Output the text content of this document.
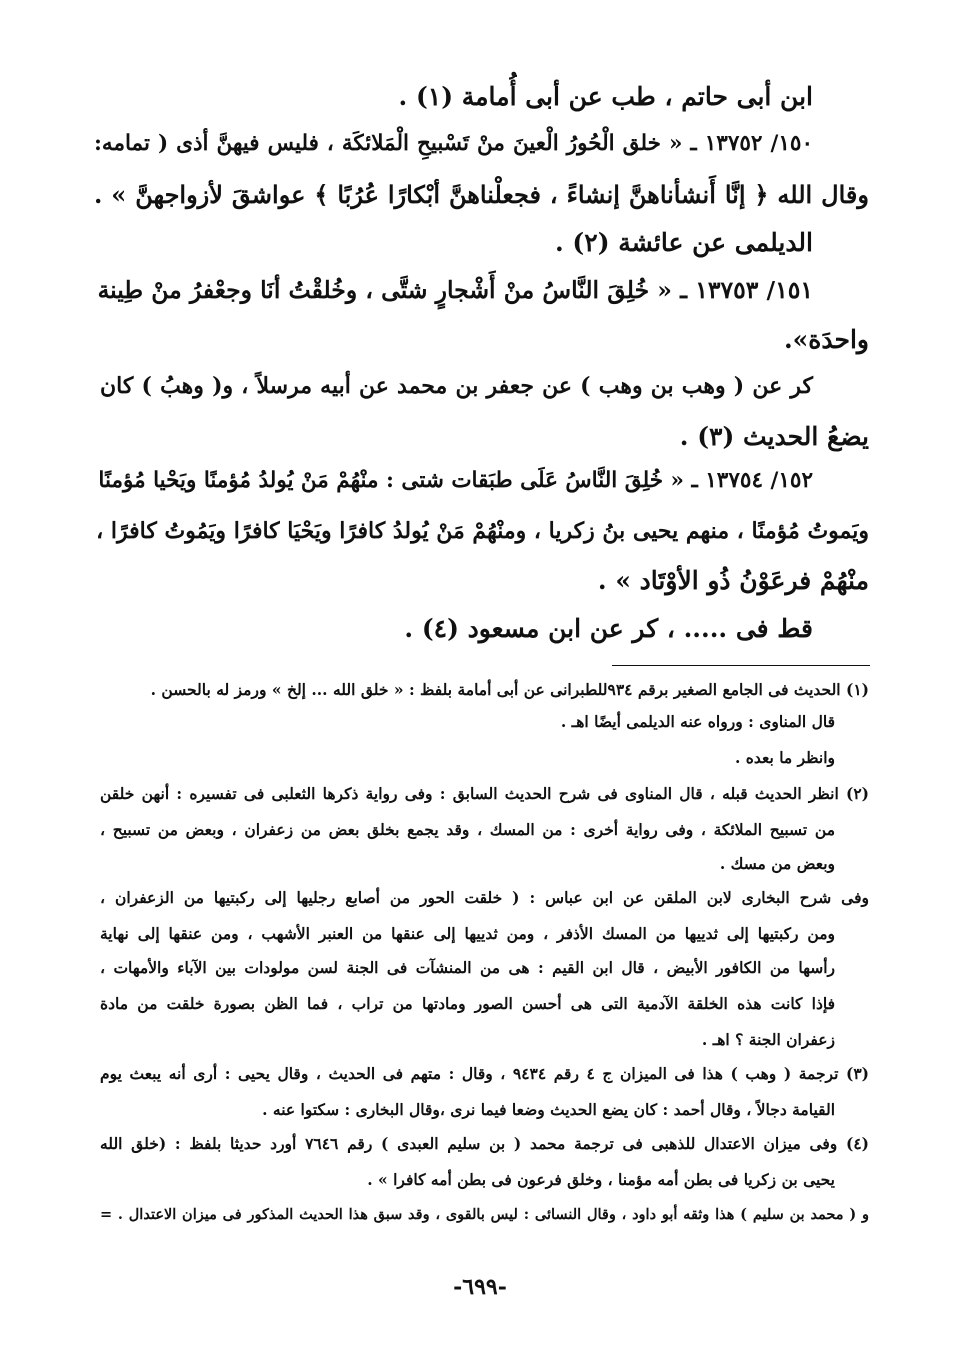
ابن أبى حاتم ، طب عن أبى أُمامة (١) .
١٥٠/ ١٣٧٥٢ ـ « خلق الْحُورُ الْعينَ منْ تَسْبيحِ الْمَلائكَة ، فليس فيهنَّ أذى ( تمامه:
وقال الله ﴿ إنَّا أَنشأناهنَّ إنشاءً ، فجعلْناهنَّ أبْكارًا عُرُبًا ﴾ عواشقَ لأزواجهنَّ » .
الديلمى عن عائشة (٢) .
١٥١/ ١٣٧٥٣ ـ « خُلِقَ النَّاسُ منْ أَشْجارٍ شتَّى ، وخُلقْتُ أنَا وجعْفرُ منْ طِينة
واحدَة».
كر عن ( وهب بن وهب ) عن جعفر بن محمد عن أبيه مرسلاً ، و( وهبُ ) كان
يضعُ الحديث (٣) .
١٥٢/ ١٣٧٥٤ ـ « خُلِقَ النَّاسُ عَلَى طبَقات شتى : منْهُمْ مَنْ يُولدُ مُؤمنًا ويَحْيا مُؤمنًا
ويَموتُ مُؤمنًا ، منهم يحيى بنُ زكريا ، ومنْهُمْ مَنْ يُولدُ كافرًا ويَحْيَا كافرًا ويَمُوتُ كافرًا ،
منْهُمْ فرعَوْنُ ذُو الأوْتَاد » .
قط فى ..... ، كر عن ابن مسعود (٤) .
(١) الحديث فى الجامع الصغير برقم ٩٣٤للطبرانى عن أبى أمامة بلفظ : « خلق الله ... إلخ » ورمز له بالحسن .
قال المناوى : ورواه عنه الديلمى أيضًا اهـ .
وانظر ما بعده .
(٢) انظر الحديث قبله ، قال المناوى فى شرح الحديث السابق : وفى رواية ذكرها الثعلبى فى تفسيره : أنهن خلقن
من تسبيح الملائكة ، وفى رواية أخرى : من المسك ، وقد يجمع بخلق بعض من زعفران ، وبعض من تسبيح ،
وبعض من مسك .
وفى شرح البخارى لابن الملقن عن ابن عباس : ( خلقت الحور من أصابع رجليها إلى ركبتيها من الزعفران ،
ومن ركبتيها إلى ثدييها من المسك الأذفر ، ومن ثدييها إلى عنقها من العنبر الأشهب ، ومن عنقها إلى نهاية
رأسها من الكافور الأبيض ، قال ابن القيم : هى من المنشآت فى الجنة لسن مولودات بين الآباء والأمهات ،
فإذا كانت هذه الخلقة الآدمية التى هى أحسن الصور ومادتها من تراب ، فما الظن بصورة خلقت من مادة
زعفران الجنة ؟ اهـ .
(٣) ترجمة ( وهب ) هذا فى الميزان ج ٤ رقم ٩٤٣٤ ، وقال : متهم فى الحديث ، وقال يحيى : أرى أنه يبعث يوم
القيامة دجالاً ، وقال أحمد : كان يضع الحديث وضعا فيما نرى ،وقال البخارى : سكتوا عنه .
(٤) وفى ميزان الاعتدال للذهبى فى ترجمة محمد ( بن سليم العبدى ) رقم ٧٦٤٦ أورد حديثا بلفظ : (خلق الله
يحيى بن زكريا فى بطن أمه مؤمنا ، وخلق فرعون فى بطن أمه كافرا » .
و ( محمد بن سليم ) هذا وثقه أبو داود ، وقال النسائى : ليس بالقوى ، وقد سبق هذا الحديث المذكور فى ميزان الاعتدال . =
-٦٩٩-
